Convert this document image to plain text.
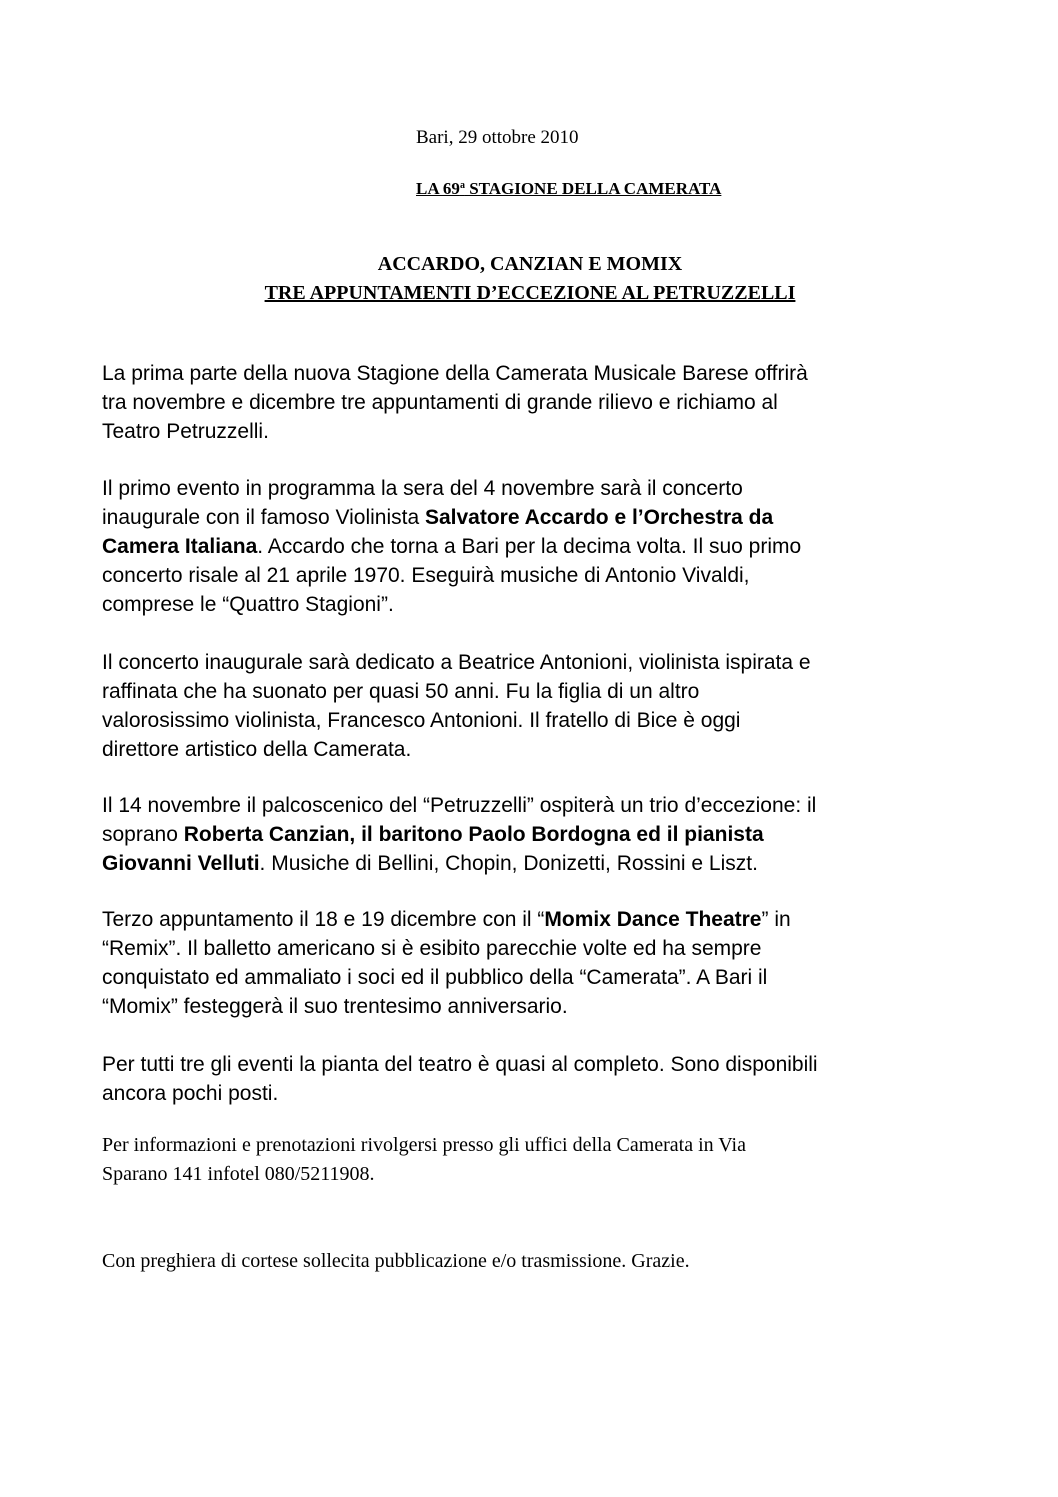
Bari, 29 ottobre 2010
LA 69$^a$ STAGIONE DELLA CAMERATA
ACCARDO, CANZIAN E MOMIX
TRE APPUNTAMENTI D’ECCEZIONE AL PETRUZZELLI
La prima parte della nuova Stagione della Camerata Musicale Barese offrirà
tra novembre e dicembre tre appuntamenti di grande rilievo e richiamo al
Teatro Petruzzelli.
Il primo evento in programma la sera del 4 novembre sarà il concerto
inaugurale con il famoso Violinista Salvatore Accardo e l’Orchestra da
Camera Italiana. Accardo che torna a Bari per la decima volta. Il suo primo
concerto risale al 21 aprile 1970. Eseguirà musiche di Antonio Vivaldi,
comprese le “Quattro Stagioni”.
Il concerto inaugurale sarà dedicato a Beatrice Antonioni, violinista ispirata e
raffinata che ha suonato per quasi 50 anni. Fu la figlia di un altro
valorosissimo violinista, Francesco Antonioni. Il fratello di Bice è oggi
direttore artistico della Camerata.
Il 14 novembre il palcoscenico del “Petruzzelli” ospiterà un trio d’eccezione: il
soprano Roberta Canzian, il baritono Paolo Bordogna ed il pianista
Giovanni Velluti. Musiche di Bellini, Chopin, Donizetti, Rossini e Liszt.
Terzo appuntamento il 18 e 19 dicembre con il “Momix Dance Theatre” in
“Remix”. Il balletto americano si è esibito parecchie volte ed ha sempre
conquistato ed ammaliato i soci ed il pubblico della “Camerata”. A Bari il
“Momix” festeggerà il suo trentesimo anniversario.
Per tutti tre gli eventi la pianta del teatro è quasi al completo. Sono disponibili
ancora pochi posti.
Per informazioni e prenotazioni rivolgersi presso gli uffici della Camerata in Via
Sparano 141 infotel 080/5211908.
Con preghiera di cortese sollecita pubblicazione e/o trasmissione. Grazie.
